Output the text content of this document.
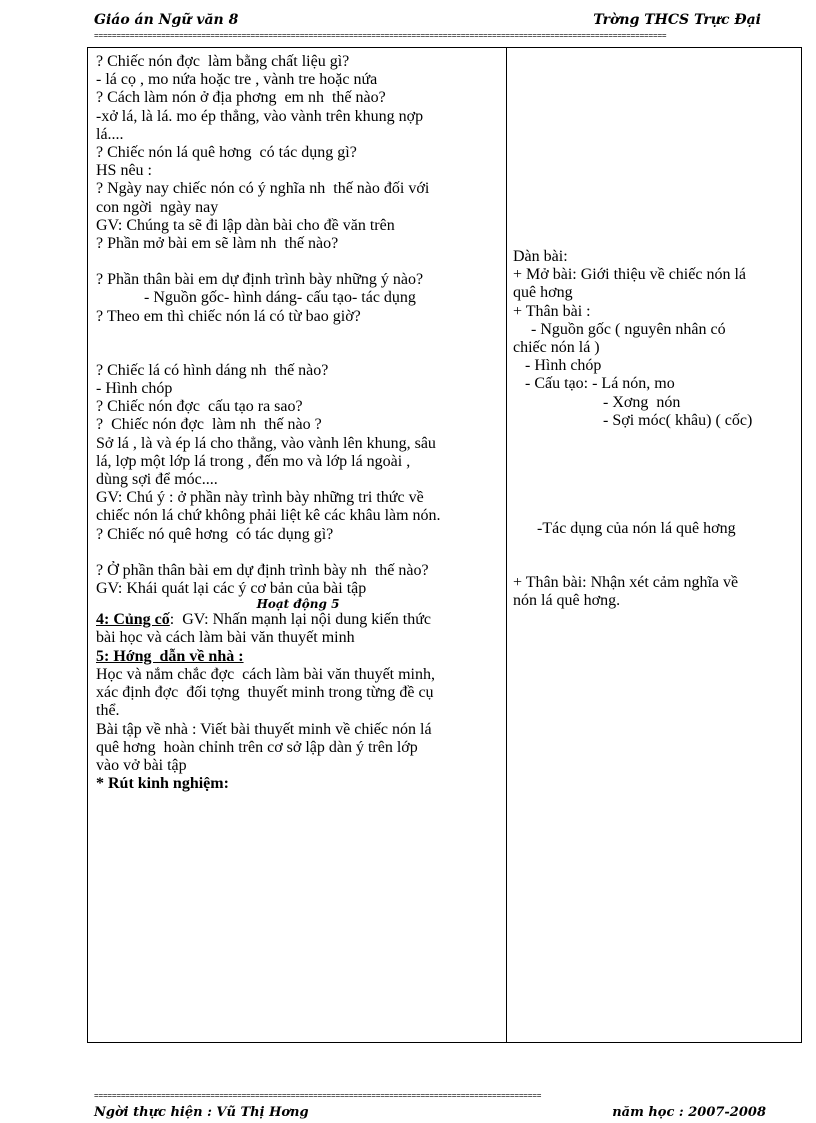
Giáo án Ngữ văn 8	Trờng THCS Trực Đại
================================================================================================================================
? Chiếc nón đợc  làm bằng chất liệu gì?
- lá cọ , mo nứa hoặc tre , vành tre hoặc nứa
? Cách làm nón ở địa phơng  em nh  thế nào?
-xở lá, là lá. mo ép thẳng, vào vành trên khung nợp
lá....
? Chiếc nón lá quê hơng  có tác dụng gì?
HS nêu :
? Ngày nay chiếc nón có ý nghĩa nh  thế nào đối với
con ngời  ngày nay
GV: Chúng ta sẽ đi lập dàn bài cho đề văn trên
? Phần mở bài em sẽ làm nh  thế nào?
? Phần thân bài em dự định trình bày những ý nào?
- Nguồn gốc- hình dáng- cấu tạo- tác dụng
? Theo em thì chiếc nón lá có từ bao giờ?
? Chiếc lá có hình dáng nh  thế nào?
- Hình chóp
? Chiếc nón đợc  cấu tạo ra sao?
?  Chiếc nón đợc  làm nh  thế nào ?
Sở lá , là và ép lá cho thẳng, vào vành lên khung, sâu
lá, lợp một lớp lá trong , đến mo và lớp lá ngoài ,
dùng sợi để móc....
GV: Chú ý : ở phần này trình bày những tri thức về
chiếc nón lá chứ không phải liệt kê các khâu làm nón.
? Chiếc nó quê hơng  có tác dụng gì?
? Ở phần thân bài em dự định trình bày nh  thế nào?
GV: Khái quát lại các ý cơ bản của bài tập
Hoạt động 5
4: Củng cố:  GV: Nhấn mạnh lại nội dung kiến thức
bài học và cách làm bài văn thuyết minh
5: Hớng  dẫn về nhà :
Học và nắm chắc đợc  cách làm bài văn thuyết minh,
xác định đợc  đối tợng  thuyết minh trong từng đề cụ
thể.
Bài tập về nhà : Viết bài thuyết minh về chiếc nón lá
quê hơng  hoàn chỉnh trên cơ sở lập dàn ý trên lớp
vào vở bài tập
* Rút kinh nghiệm:

Dàn bài:
+ Mở bài: Giới thiệu về chiếc nón lá
quê hơng
+ Thân bài :
- Nguồn gốc ( nguyên nhân có
chiếc nón lá )
- Hình chóp
- Cấu tạo: - Lá nón, mo
- Xơng  nón
- Sợi móc( khâu) ( cốc)
-Tác dụng của nón lá quê hơng
+ Thân bài: Nhận xét cảm nghĩa về
nón lá quê hơng.
====================================================================================================
Ngời thực hiện : Vũ Thị Hơng	năm học : 2007-2008
